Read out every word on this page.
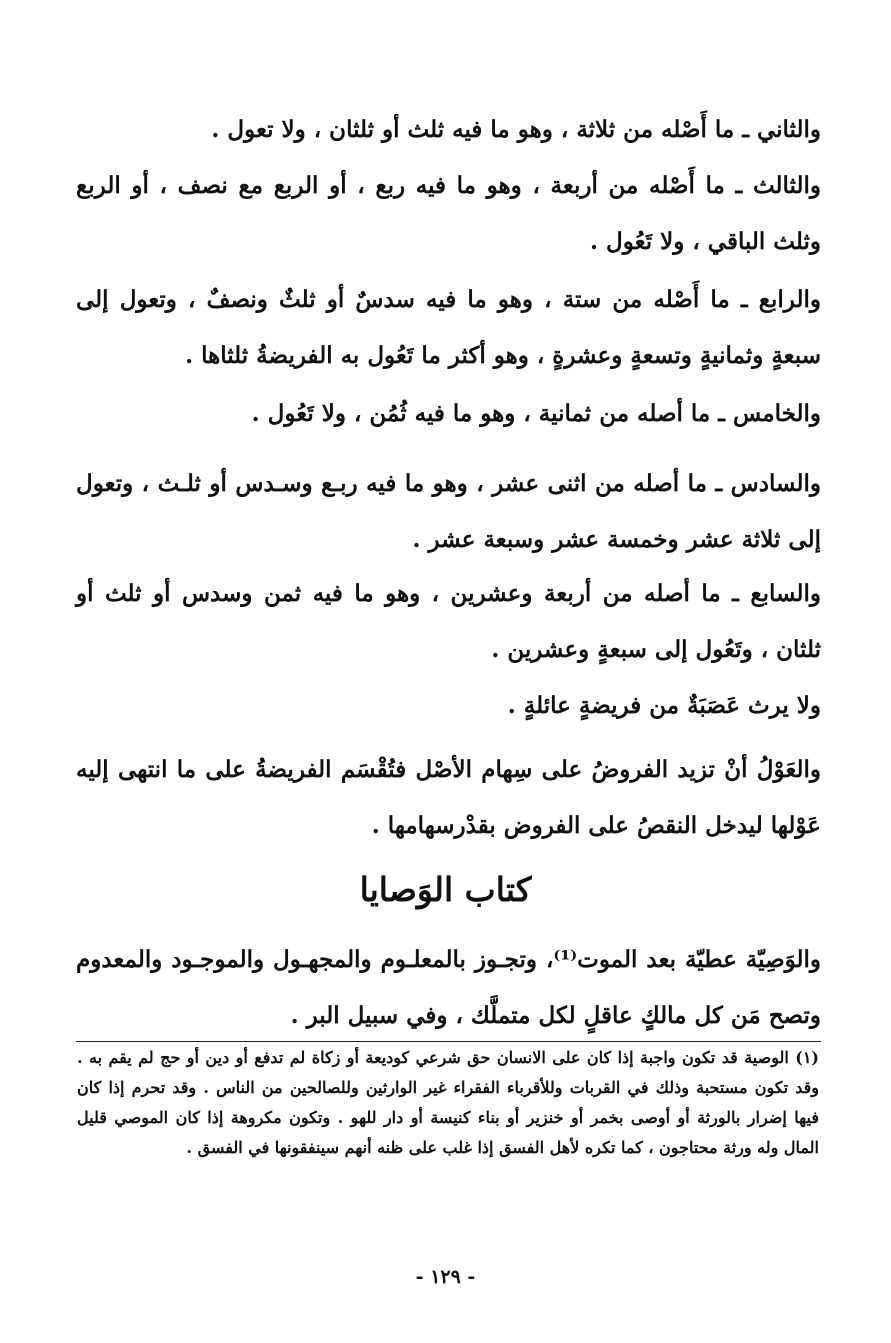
والثاني ـ ما أَصْله من ثلاثة ، وهو ما فيه ثلث أو ثلثان ، ولا تعول .

والثالث ـ ما أَصْله من أربعة ، وهو ما فيه ربع ، أو الربع مع نصف ، أو الربع وثلث الباقي ، ولا تَعُول .

والرابع ـ ما أَصْله من ستة ، وهو ما فيه سدسٌ أو ثلثٌ ونصفٌ ، وتعول إلى سبعةٍ وثمانيةٍ وتسعةٍ وعشرةٍ ، وهو أكثر ما تَعُول به الفريضةُ ثلثاها .

والخامس ـ ما أصله من ثمانية ، وهو ما فيه ثُمُن ، ولا تَعُول .

والسادس ـ ما أصله من اثنى عشر ، وهو ما فيه ربـع وسـدس أو ثلـث ، وتعول إلى ثلاثة عشر وخمسة عشر وسبعة عشر .

والسابع ـ ما أصله من أربعة وعشرين ، وهو ما فيه ثمن وسدس أو ثلث أو ثلثان ، وتَعُول إلى سبعةٍ وعشرين .

ولا يرث عَصَبَةٌ من فريضةٍ عائلةٍ .

والعَوْلُ أنْ تزيد الفروضُ على سِهام الأصْل فتُقْسَم الفريضةُ على ما انتهى إليه عَوْلها ليدخل النقصُ على الفروض بقدْرسهامها .

كتاب الوَصايا

والوَصِيّة عطيّة بعد الموت⁽¹⁾، وتجـوز بالمعلـوم والمجهـول والموجـود والمعدوم وتصح مَن كل مالكٍ عاقلٍ لكل متملَّك ، وفي سبيل البر .

(١) الوصية قد تكون واجبة إذا كان على الانسان حق شرعي كوديعة أو زكاة لم تدفع أو دين أو حج لم يقم به . وقد تكون مستحبة وذلك في القربات وللأقرباء الفقراء غير الوارثين وللصالحين من الناس . وقد تحرم إذا كان فيها إضرار بالورثة أو أوصى بخمر أو خنزير أو بناء كنيسة أو دار للهو . وتكون مكروهة إذا كان الموصي قليل المال وله ورثة محتاجون ، كما تكره لأهل الفسق إذا غلب على ظنه أنهم سينفقونها في الفسق .

- ١٢٩ -
